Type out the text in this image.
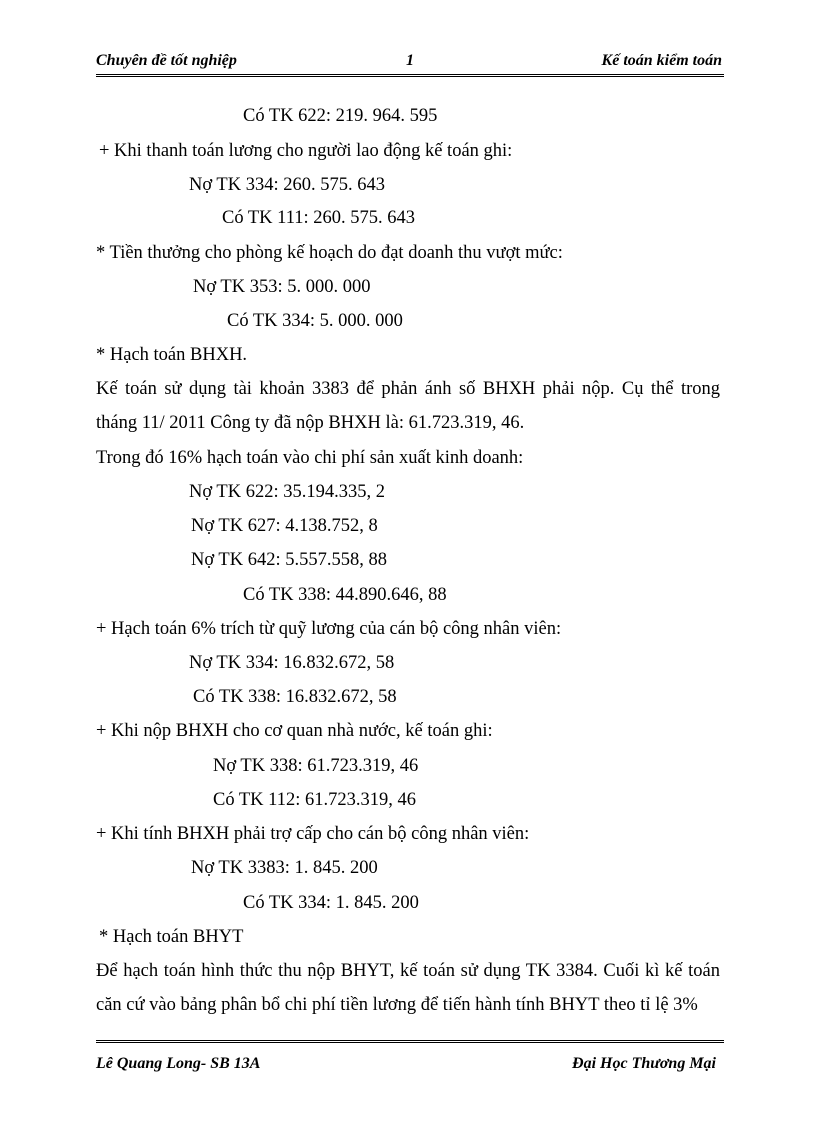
Chuyên đề tốt nghiệp	1	Kế toán kiểm toán
Có TK 622: 219. 964. 595
+ Khi thanh toán lương cho người lao động kế toán ghi:
Nợ TK 334: 260. 575. 643
Có TK 111: 260. 575. 643
* Tiền thưởng cho phòng kế hoạch do đạt doanh thu vượt mức:
Nợ TK 353: 5. 000. 000
Có TK 334: 5. 000. 000
* Hạch toán BHXH.
Kế toán sử dụng tài khoản 3383 để phản ánh số BHXH phải nộp. Cụ thể trong
tháng 11/ 2011 Công ty đã nộp BHXH là: 61.723.319, 46.
Trong đó 16% hạch toán vào chi phí sản xuất kinh doanh:
Nợ TK 622: 35.194.335, 2
Nợ TK 627: 4.138.752, 8
Nợ TK 642: 5.557.558, 88
Có TK 338: 44.890.646, 88
+ Hạch toán 6% trích từ quỹ lương của cán bộ công nhân viên:
Nợ TK 334: 16.832.672, 58
Có TK 338: 16.832.672, 58
+ Khi nộp BHXH cho cơ quan nhà nước, kế toán ghi:
Nợ TK 338: 61.723.319, 46
Có TK 112: 61.723.319, 46
+ Khi tính BHXH phải trợ cấp cho cán bộ công nhân viên:
Nợ TK 3383: 1. 845. 200
Có TK 334: 1. 845. 200
* Hạch toán BHYT
Để hạch toán hình thức thu nộp BHYT, kế toán sử dụng TK 3384. Cuối kì kế toán
căn cứ vào bảng phân bổ chi phí tiền lương để tiến hành tính BHYT theo tỉ lệ 3%
Lê Quang Long- SB 13A	Đại Học Thương Mại
